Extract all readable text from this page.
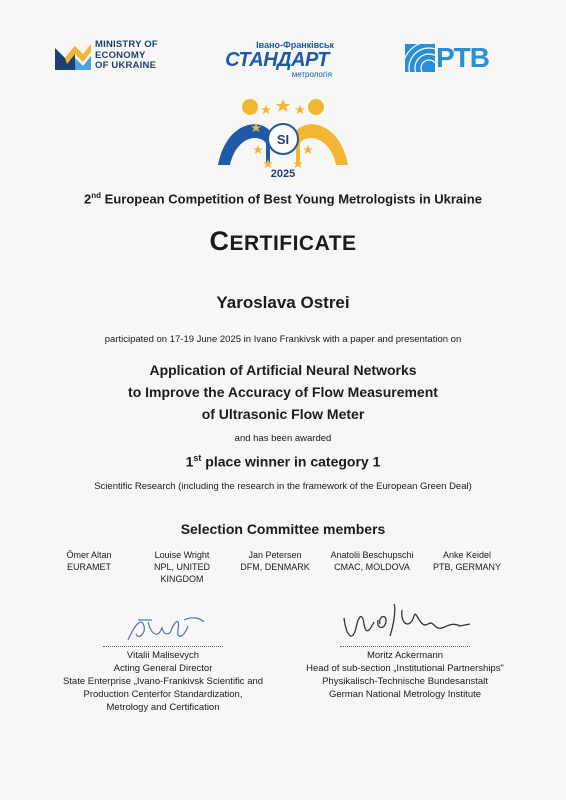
MINISTRY OF
ECONOMY
OF UKRAINE
Івано-Франківськ
СТАНДАРТ
метрологія
PTB
SI
2025
2nd European Competition of Best Young Metrologists in Ukraine
CERTIFICATE
Yaroslava Ostrei
participated on 17-19 June 2025 in Ivano Frankivsk with a paper and presentation on
Application of Artificial Neural Networks
to Improve the Accuracy of Flow Measurement
of Ultrasonic Flow Meter
and has been awarded
1st place winner in category 1
Scientific Research (including the research in the framework of the European Green Deal)
Selection Committee members
Ömer Altan
EURAMET
Louise Wright
NPL, UNITED
KINGDOM
Jan Petersen
DFM, DENMARK
Anatolii Beschupschi
CMAC, MOLDOVA
Anke Keidel
PTB, GERMANY
Vitalii Malisevych
Acting General Director
State Enterprise „Ivano-Frankivsk Scientific and
Production Centerfor Standardization,
Metrology and Certification
Moritz Ackermann
Head of sub-section „Institutional Partnerships"
Physikalisch-Technische Bundesanstalt
German National Metrology Institute
